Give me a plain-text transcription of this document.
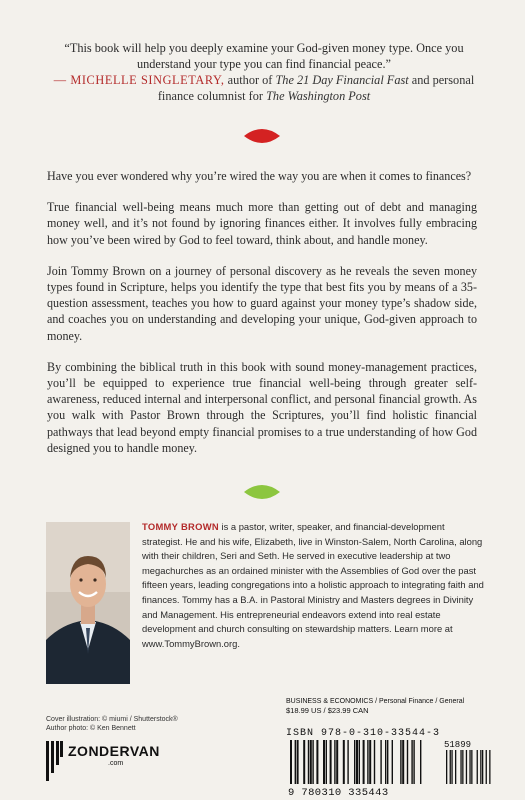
“This book will help you deeply examine your God-given money type. Once you understand your type you can find financial peace.”
— MICHELLE SINGLETARY, author of The 21 Day Financial Fast and personal finance columnist for The Washington Post

Have you ever wondered why you’re wired the way you are when it comes to finances?

True financial well-being means much more than getting out of debt and managing money well, and it’s not found by ignoring finances either. It involves fully embracing how you’ve been wired by God to feel toward, think about, and handle money.

Join Tommy Brown on a journey of personal discovery as he reveals the seven money types found in Scripture, helps you identify the type that best fits you by means of a 35-question assessment, teaches you how to guard against your money type’s shadow side, and coaches you on understanding and developing your unique, God-given approach to money.

By combining the biblical truth in this book with sound money-management practices, you’ll be equipped to experience true financial well-being through greater self-awareness, reduced internal and interpersonal conflict, and personal financial growth. As you walk with Pastor Brown through the Scriptures, you’ll find holistic financial pathways that lead beyond empty financial promises to a true understanding of how God designed you to handle money.

TOMMY BROWN is a pastor, writer, speaker, and financial-development strategist. He and his wife, Elizabeth, live in Winston-Salem, North Carolina, along with their children, Seri and Seth. He served in executive leadership at two megachurches as an ordained minister with the Assemblies of God over the past fifteen years, leading congregations into a holistic approach to integrating faith and finances. Tommy has a B.A. in Pastoral Ministry and Masters degrees in Divinity and Management. His entrepreneurial endeavors extend into real estate development and church consulting on stewardship matters. Learn more at www.TommyBrown.org.
Cover illustration: © miumi / Shutterstock®
Author photo: © Ken Bennett
ZONDERVAN
.com
BUSINESS & ECONOMICS / Personal Finance / General
$18.99 US / $23.99 CAN
ISBN 978-0-310-33544-3
51899
9 780310 335443
